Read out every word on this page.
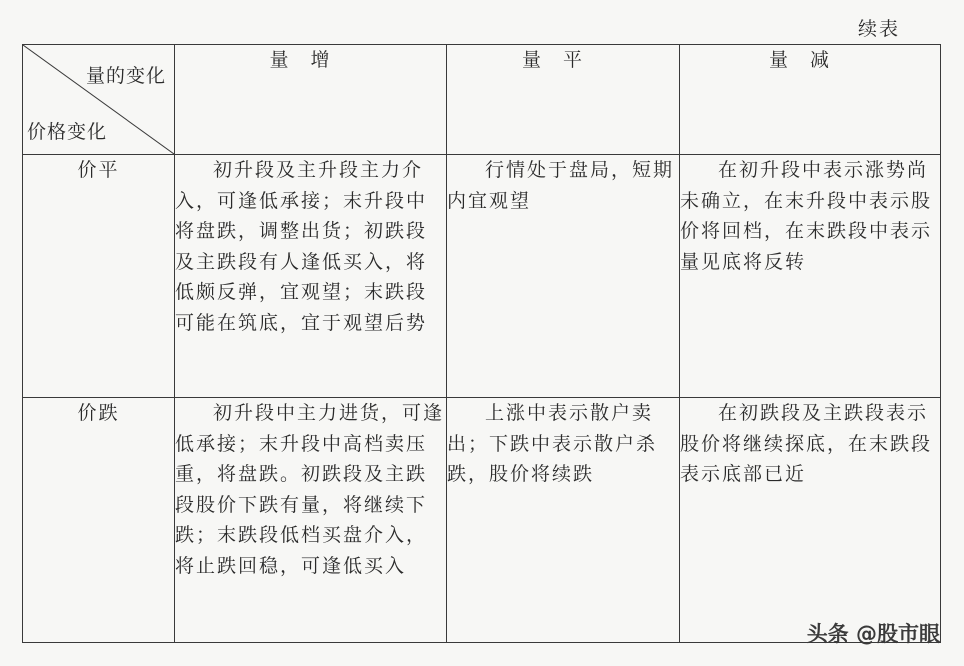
续表
量的变化
价格变化	量增	量平	量减
价平	初升段及主升段主力介入，可逢低承接；末升段中将盘跌，调整出货；初跌段及主跌段有人逢低买入，将低颇反弹，宜观望；末跌段可能在筑底，宜于观望后势	行情处于盘局，短期内宜观望	在初升段中表示涨势尚未确立，在末升段中表示股价将回档，在末跌段中表示量见底将反转
价跌	初升段中主力进货，可逢低承接；末升段中高档卖压重，将盘跌。初跌段及主跌段股价下跌有量，将继续下跌；末跌段低档买盘介入，将止跌回稳，可逢低买入	上涨中表示散户卖出；下跌中表示散户杀跌，股价将续跌	在初跌段及主跌段表示股价将继续探底，在末跌段表示底部已近
头条 @股市眼
